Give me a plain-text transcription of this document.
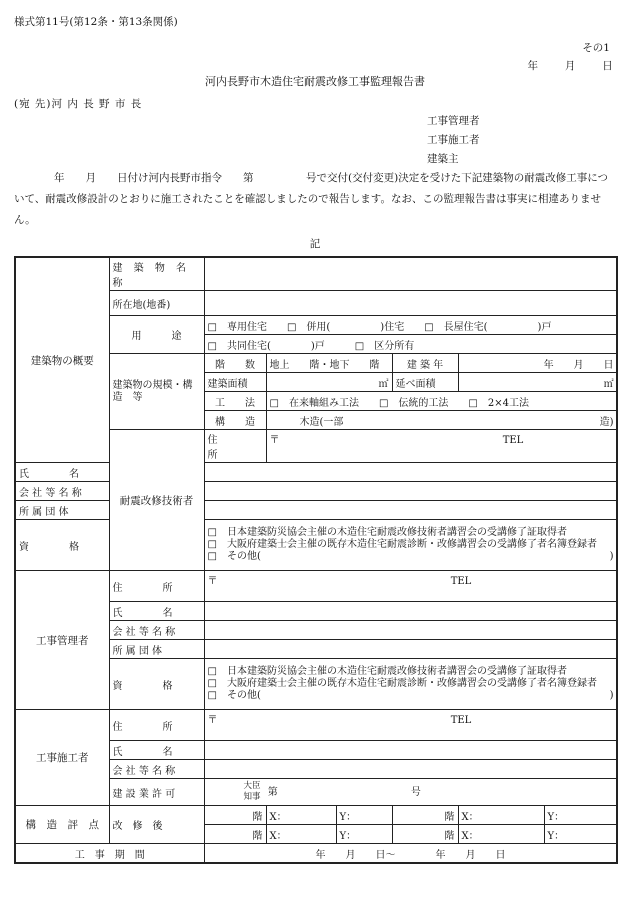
様式第11号(第12条・第13条関係)
その1
年	月	日
河内長野市木造住宅耐震改修工事監理報告書
(宛 先)河 内 長 野 市 長
工事管理者
工事施工者
建築主
年　　月　　日付け河内長野市指令　　第　　　　　号で交付(交付変更)決定を受けた下記建築物の耐震改修工事について、耐震改修設計のとおりに施工されたことを確認しましたので報告します。なお、この監理報告書は事実に相違ありません。
記
建築物の概要	建 築 物 名 称						
	所在地(地番)						
	用　　　途	□　専用住宅　　□　併用(　　　　　)住宅　　□　長屋住宅(　　　　　)戸					
		□　共同住宅(　　　　)戸　　　□　区分所有					
	建築物の規模・構　造　等	階　　数	地上　　階・地下　　階		建 築 年	年　　月　　日	
		建築面積	㎡		延べ面積	㎡	
		工　　法	□　在来軸組み工法　　□　伝統的工法　　□　2×4工法				
		構　　造	木造(一部 造)				

	耐震改修技術者	住　　　　所	〒 TEL				
氏　　　　名							
会 社 等 名 称							
所 属 団 体							
資　　　　格		□　日本建築防災協会主催の木造住宅耐震改修技術者講習会の受講修了証取得者
□　大阪府建築士会主催の既存木造住宅耐震診断・改修講習会の受講修了者名簿登録者
□　その他( )					

工事管理者	住　　　　所	〒 TEL					
	氏　　　　名						
	会 社 等 名 称						
	所 属 団 体						
	資　　　　格	□　日本建築防災協会主催の木造住宅耐震改修技術者講習会の受講修了証取得者
□　大阪府建築士会主催の既存木造住宅耐震診断・改修講習会の受講修了者名簿登録者
□　その他( )					

工事施工者	住　　　　所	〒 TEL					
	氏　　　　名						
	会 社 等 名 称						
	建 設 業 許 可	大臣
知事 第 号					
構　造　評　点	改　修　後	階	X：	Y：	階	X：	Y：
		階	X：	Y：	階	X：	Y：
工　事　期　間		年　　月　　日～　　　　年　　月　　日					
